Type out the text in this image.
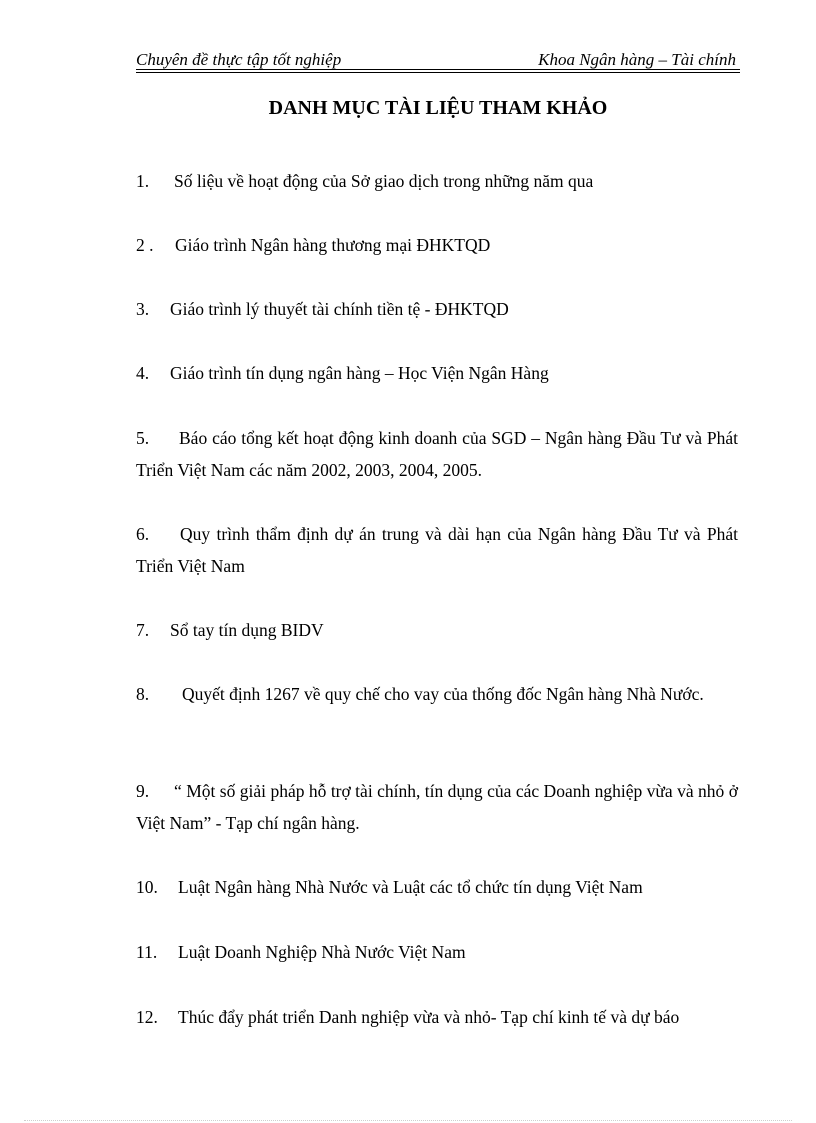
Chuyên đề thực tập tốt nghiệp	Khoa Ngân hàng – Tài chính
DANH MỤC TÀI LIỆU THAM KHẢO
1. Số liệu về hoạt động của Sở giao dịch trong những năm qua
2 . Giáo trình Ngân hàng thương mại ĐHKTQD
3. Giáo trình lý thuyết tài chính tiền tệ - ĐHKTQD
4. Giáo trình tín dụng ngân hàng – Học Viện Ngân Hàng
5. Báo cáo tổng kết hoạt động kinh doanh của SGD – Ngân hàng Đầu Tư và Phát Triển Việt Nam các năm 2002, 2003, 2004, 2005.
6. Quy trình thẩm định dự án trung và dài hạn của Ngân hàng Đầu Tư và Phát Triển Việt Nam
7. Sổ tay tín dụng BIDV
8. Quyết định 1267 về quy chế cho vay của thống đốc Ngân hàng Nhà Nước.
9. “ Một số giải pháp hỗ trợ tài chính, tín dụng của các Doanh nghiệp vừa và nhỏ ở Việt Nam” - Tạp chí ngân hàng.
10. Luật Ngân hàng Nhà Nước và Luật các tổ chức tín dụng Việt Nam
11. Luật Doanh Nghiệp Nhà Nước Việt Nam
12. Thúc đẩy phát triển Danh nghiệp vừa và nhỏ- Tạp chí kinh tế và dự báo
